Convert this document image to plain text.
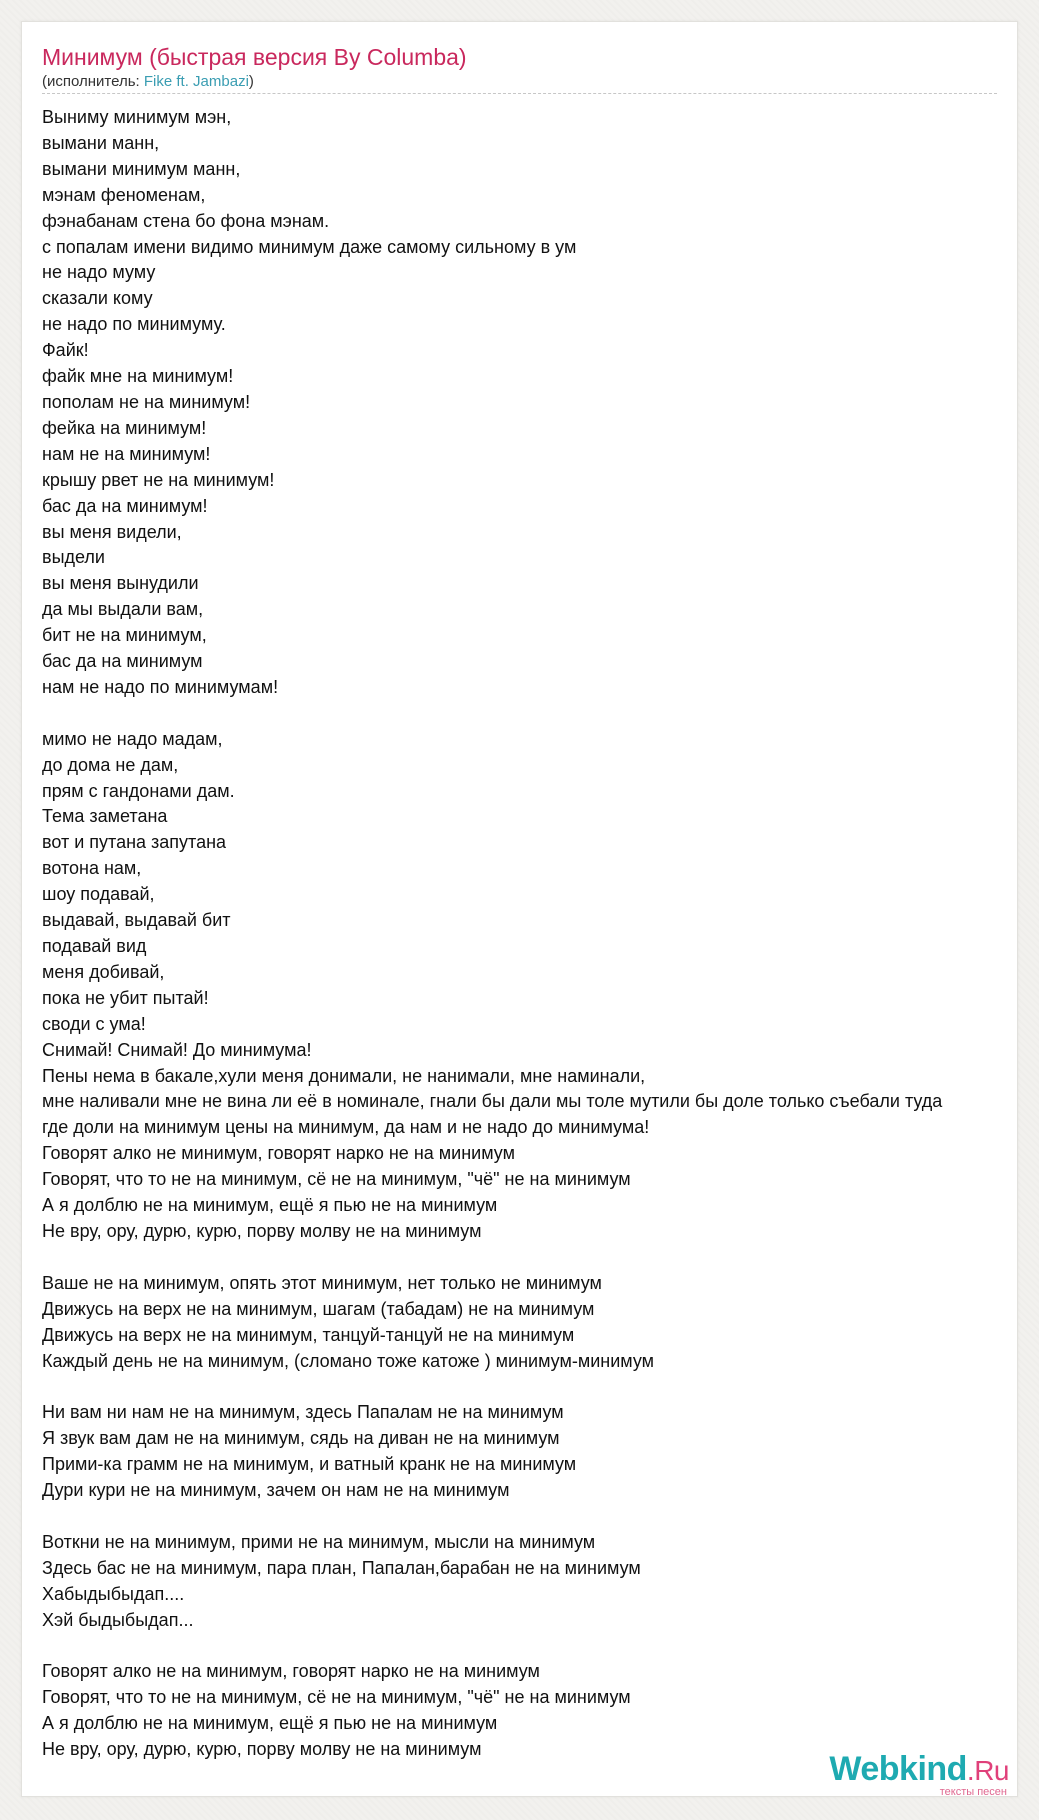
Минимум (быстрая версия By Columba)
(исполнитель: Fike ft. Jambazi)
Выниму минимум мэн,
вымани манн,
вымани минимум манн,
мэнам феноменам,
фэнабанам стена бо фона мэнам.
с попалам имени видимо минимум даже самому сильному в ум
не надо муму
сказали кому
не надо по минимуму.
Файк!
файк мне на минимум!
пополам не на минимум!
фейка на минимум!
нам не на минимум!
крышу рвет не на минимум!
бас да на минимум!
вы меня видели,
выдели
вы меня вынудили
да мы выдали вам,
бит не на минимум,
бас да на минимум
нам не надо по минимумам!

мимо не надо мадам,
до дома не дам,
прям с гандонами дам.
Тема заметана
вот и путана запутана
вотона нам,
шоу подавай,
выдавай, выдавай бит
подавай вид
меня добивай,
пока не убит пытай!
своди с ума!
Снимай! Снимай! До минимума!
Пены нема в бакале,хули меня донимали, не нанимали, мне наминали,
мне наливали мне не вина ли её в номинале, гнали бы дали мы толе мутили бы доле только съебали туда
где доли на минимум цены на минимум, да нам и не надо до минимума!
Говорят алко не минимум, говорят нарко не на минимум
Говорят, что то не на минимум, сё не на минимум, "чё" не на минимум
А я долблю не на минимум, ещё я пью не на минимум
Не вру, ору, дурю, курю, порву молву не на минимум

Ваше не на минимум, опять этот минимум, нет только не минимум
Движусь на верх не на минимум, шагам (табадам) не на минимум
Движусь на верх не на минимум, танцуй-танцуй не на минимум
Каждый день не на минимум, (сломано тоже катоже ) минимум-минимум

Ни вам ни нам не на минимум, здесь Папалам не на минимум
Я звук вам дам не на минимум, сядь на диван не на минимум
Прими-ка грамм не на минимум, и ватный кранк не на минимум
Дури кури не на минимум, зачем он нам не на минимум

Воткни не на минимум, прими не на минимум, мысли на минимум
Здесь бас не на минимум, пара план, Папалан,барабан не на минимум
Хабыдыбыдап....
Хэй быдыбыдап...

Говорят алко не на минимум, говорят нарко не на минимум
Говорят, что то не на минимум, сё не на минимум, "чё" не на минимум
А я долблю не на минимум, ещё я пью не на минимум
Не вру, ору, дурю, курю, порву молву не на минимум
Webkind.Ru
тексты песен
